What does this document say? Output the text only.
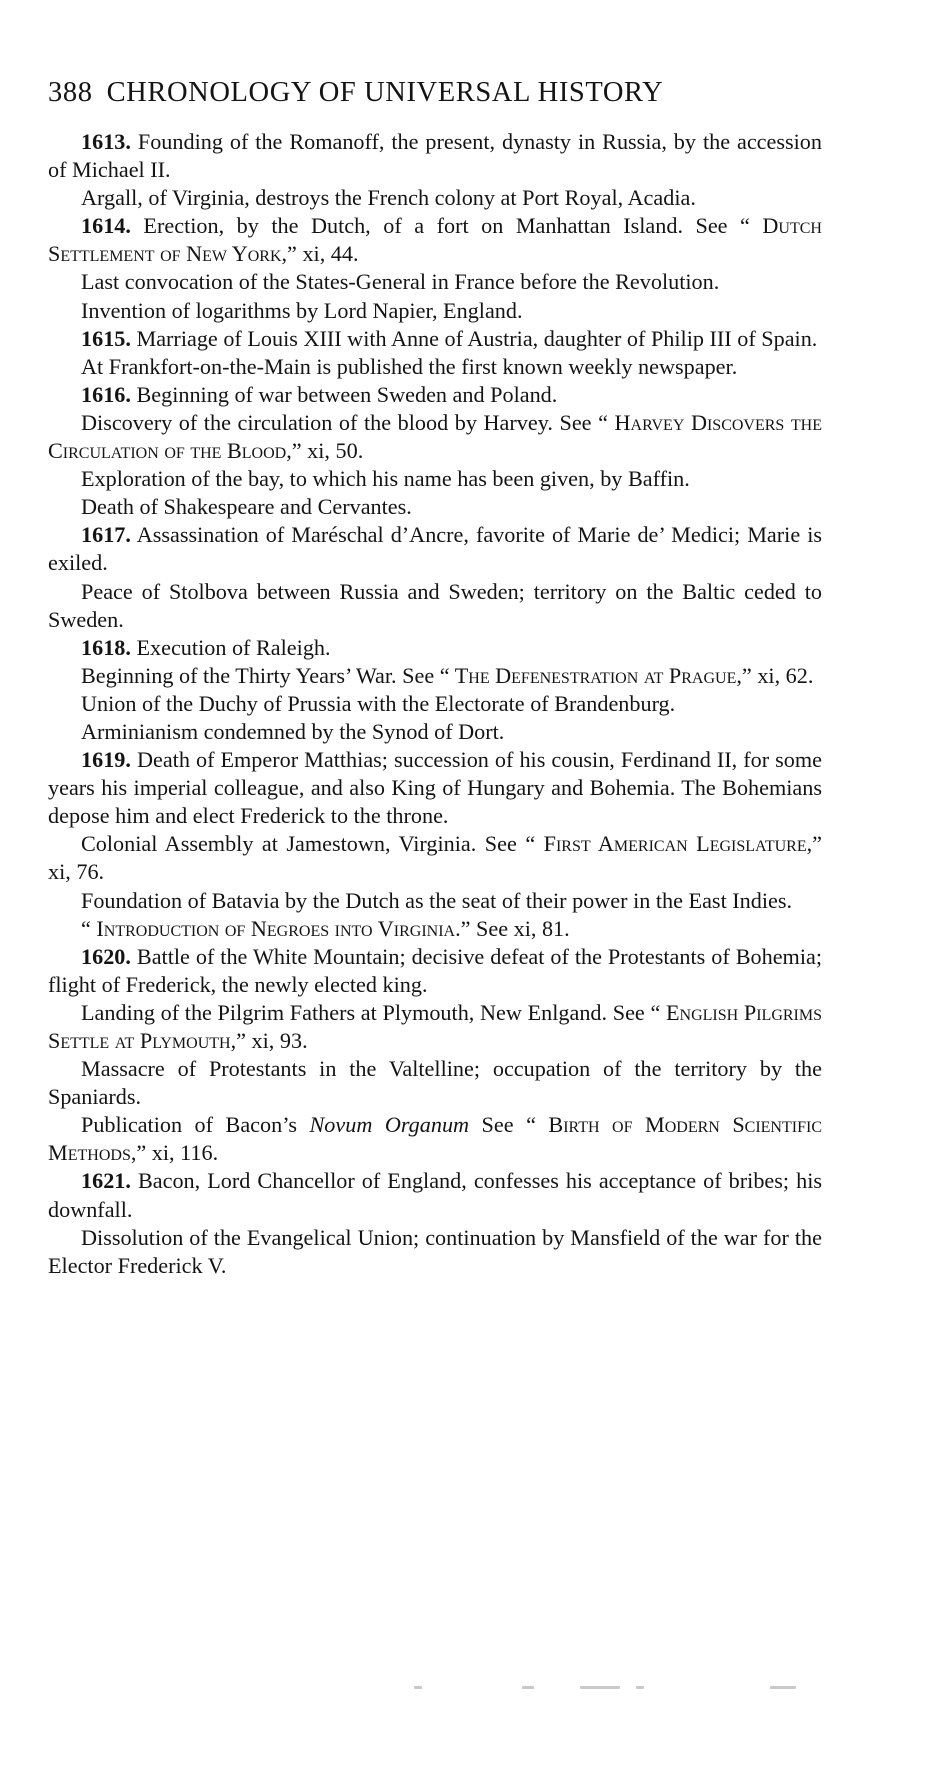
388 CHRONOLOGY OF UNIVERSAL HISTORY

1613. Founding of the Romanoff, the present, dynasty in Russia, by the accession of Michael II.

Argall, of Virginia, destroys the French colony at Port Royal, Acadia.

1614. Erection, by the Dutch, of a fort on Manhattan Island. See “ Dutch Settlement of New York,” xi, 44.

Last convocation of the States-General in France before the Revolution.

Invention of logarithms by Lord Napier, England.

1615. Marriage of Louis XIII with Anne of Austria, daughter of Philip III of Spain.

At Frankfort-on-the-Main is published the first known weekly newspaper.

1616. Beginning of war between Sweden and Poland.

Discovery of the circulation of the blood by Harvey. See “ Harvey Discovers the Circulation of the Blood,” xi, 50.

Exploration of the bay, to which his name has been given, by Baffin.

Death of Shakespeare and Cervantes.

1617. Assassination of Maréschal d’Ancre, favorite of Marie de’ Medici; Marie is exiled.

Peace of Stolbova between Russia and Sweden; territory on the Baltic ceded to Sweden.

1618. Execution of Raleigh.

Beginning of the Thirty Years’ War. See “ The Defenestration at Prague,” xi, 62.

Union of the Duchy of Prussia with the Electorate of Brandenburg.

Arminianism condemned by the Synod of Dort.

1619. Death of Emperor Matthias; succession of his cousin, Ferdinand II, for some years his imperial colleague, and also King of Hungary and Bohemia. The Bohemians depose him and elect Frederick to the throne.

Colonial Assembly at Jamestown, Virginia. See “ First American Legislature,” xi, 76.

Foundation of Batavia by the Dutch as the seat of their power in the East Indies.

“ Introduction of Negroes into Virginia.” See xi, 81.

1620. Battle of the White Mountain; decisive defeat of the Protestants of Bohemia; flight of Frederick, the newly elected king.

Landing of the Pilgrim Fathers at Plymouth, New Enlgand. See “ English Pilgrims Settle at Plymouth,” xi, 93.

Massacre of Protestants in the Valtelline; occupation of the territory by the Spaniards.

Publication of Bacon’s Novum Organum See “ Birth of Modern Scientific Methods,” xi, 116.

1621. Bacon, Lord Chancellor of England, confesses his acceptance of bribes; his downfall.

Dissolution of the Evangelical Union; continuation by Mansfield of the war for the Elector Frederick V.
